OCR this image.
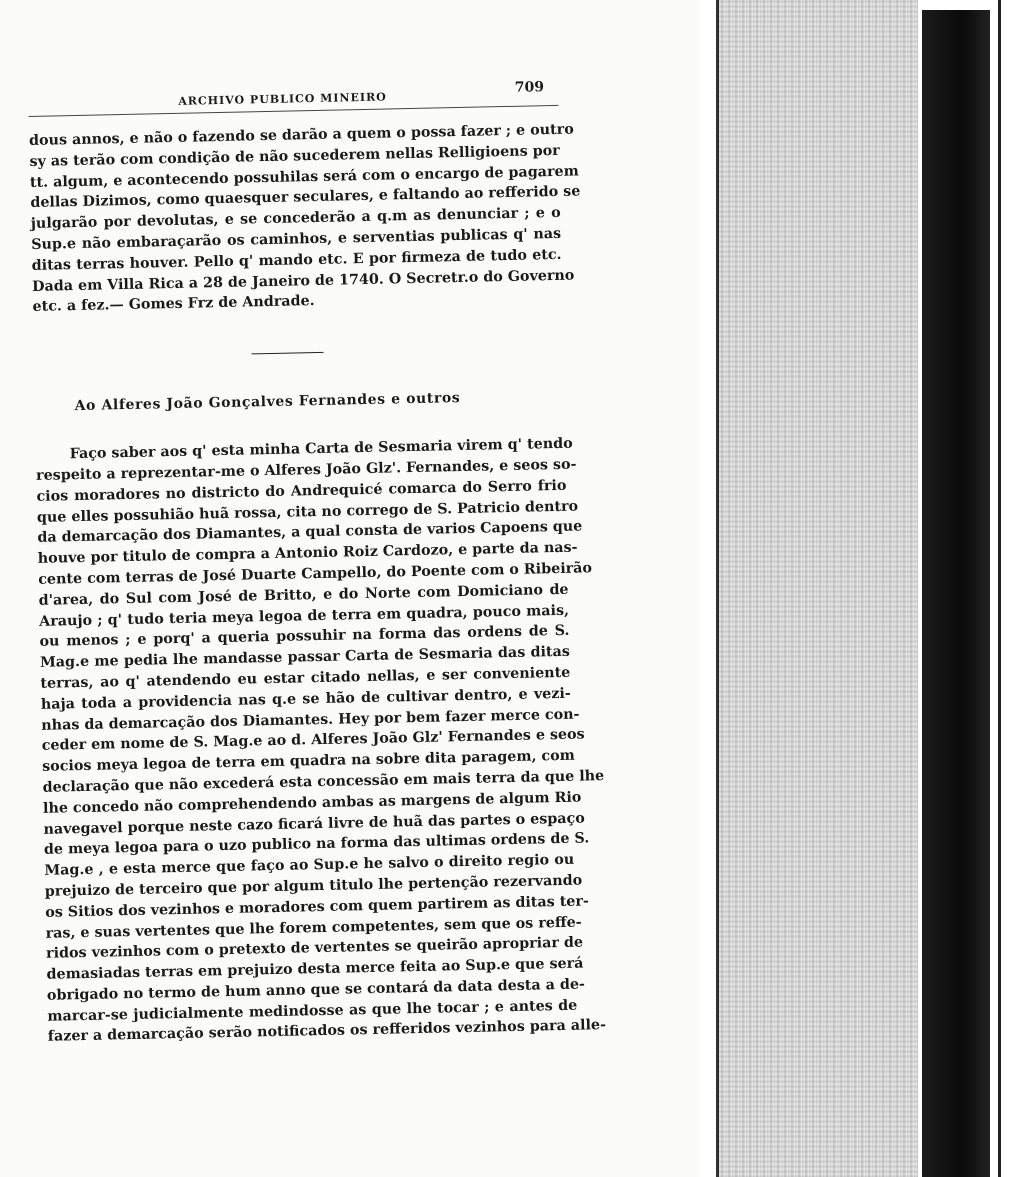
ARCHIVO PUBLICO MINEIRO
709
dous annos, e não o fazendo se darão a quem o possa fazer ; e outro
sy as terão com condição de não sucederem nellas Relligioens por
tt. algum, e acontecendo possuhilas será com o encargo de pagarem
dellas Dizimos, como quaesquer seculares, e faltando ao refferido se
julgarão por devolutas, e se concederão a q.m as denunciar ; e o
Sup.e não embaraçarão os caminhos, e serventias publicas q' nas
ditas terras houver. Pello q' mando etc. E por firmeza de tudo etc.
Dada em Villa Rica a 28 de Janeiro de 1740. O Secretr.o do Governo
etc. a fez.— Gomes Frz de Andrade.
Ao Alferes João Gonçalves Fernandes e outros
Faço saber aos q' esta minha Carta de Sesmaria virem q' tendo
respeito a reprezentar-me o Alferes João Glz'. Fernandes, e seos so-
cios moradores no districto do Andrequicé comarca do Serro frio
que elles possuhião huã rossa, cita no corrego de S. Patricio dentro
da demarcação dos Diamantes, a qual consta de varios Capoens que
houve por titulo de compra a Antonio Roiz Cardozo, e parte da nas-
cente com terras de José Duarte Campello, do Poente com o Ribeirão
d'area, do Sul com José de Britto, e do Norte com Domiciano de
Araujo ; q' tudo teria meya legoa de terra em quadra, pouco mais,
ou menos ; e porq' a queria possuhir na forma das ordens de S.
Mag.e me pedia lhe mandasse passar Carta de Sesmaria das ditas
terras, ao q' atendendo eu estar citado nellas, e ser conveniente
haja toda a providencia nas q.e se hão de cultivar dentro, e vezi-
nhas da demarcação dos Diamantes. Hey por bem fazer merce con-
ceder em nome de S. Mag.e ao d. Alferes João Glz' Fernandes e seos
socios meya legoa de terra em quadra na sobre dita paragem, com
declaração que não excederá esta concessão em mais terra da que lhe
lhe concedo não comprehendendo ambas as margens de algum Rio
navegavel porque neste cazo ficará livre de huã das partes o espaço
de meya legoa para o uzo publico na forma das ultimas ordens de S.
Mag.e , e esta merce que faço ao Sup.e he salvo o direito regio ou
prejuizo de terceiro que por algum titulo lhe pertenção rezervando
os Sitios dos vezinhos e moradores com quem partirem as ditas ter-
ras, e suas vertentes que lhe forem competentes, sem que os reffe-
ridos vezinhos com o pretexto de vertentes se queirão apropriar de
demasiadas terras em prejuizo desta merce feita ao Sup.e que será
obrigado no termo de hum anno que se contará da data desta a de-
marcar-se judicialmente medindosse as que lhe tocar ; e antes de
fazer a demarcação serão notificados os refferidos vezinhos para alle-
